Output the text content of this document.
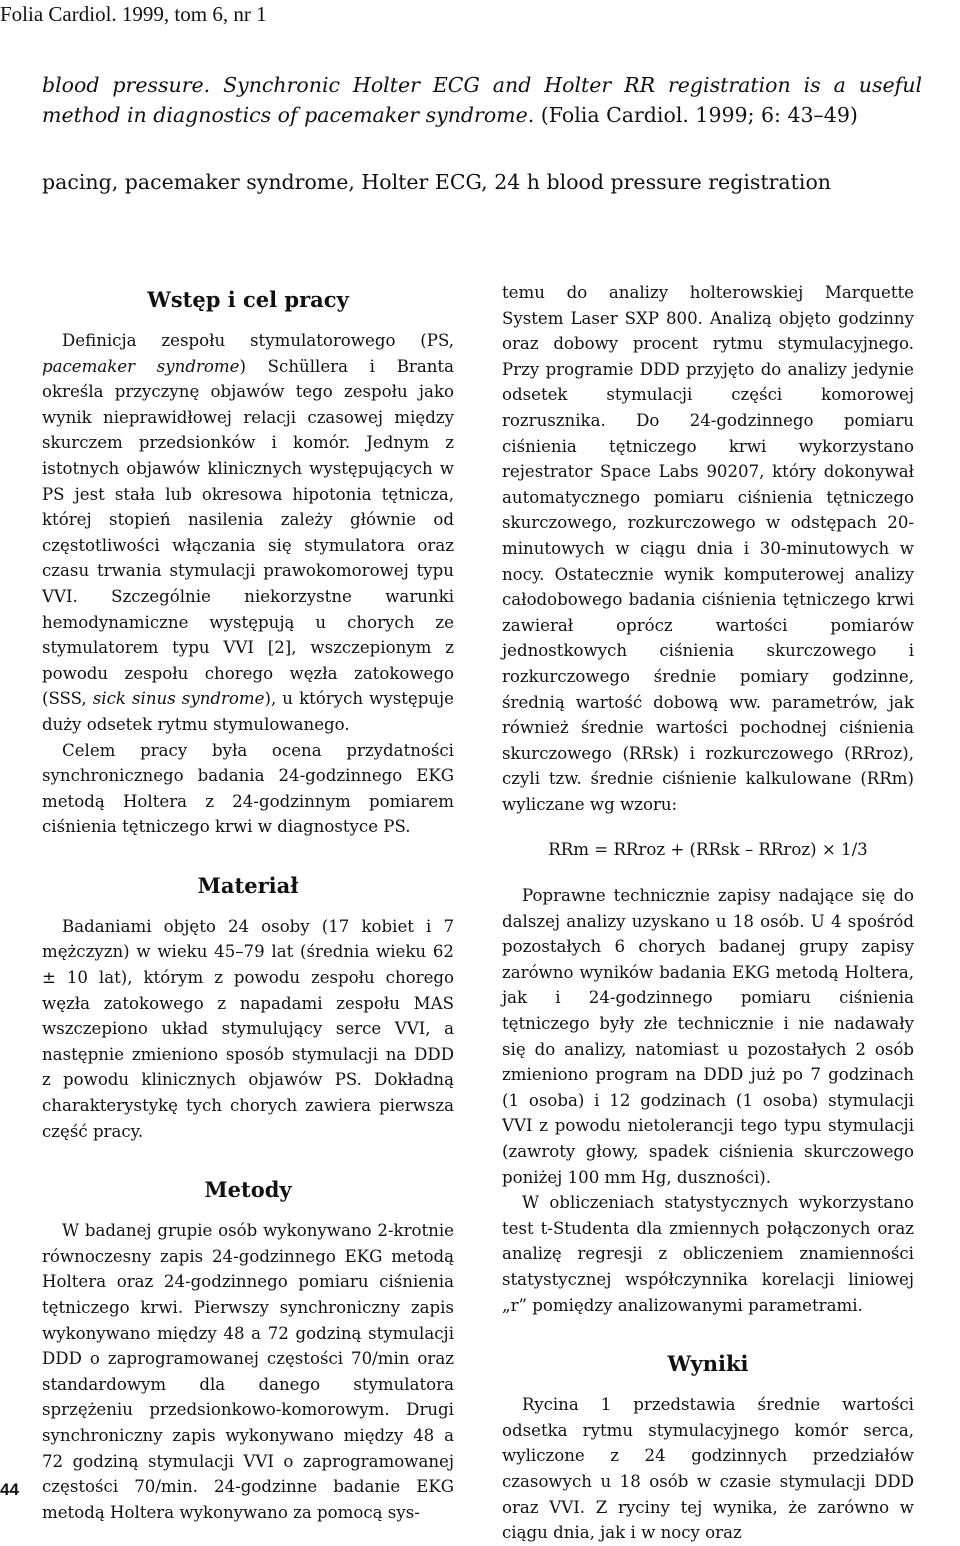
Folia Cardiol. 1999, tom 6, nr 1
blood pressure. Synchronic Holter ECG and Holter RR registration is a useful method in diagnostics of pacemaker syndrome. (Folia Cardiol. 1999; 6: 43–49)
pacing, pacemaker syndrome, Holter ECG, 24 h blood pressure registration
Wstęp i cel pracy

Definicja zespołu stymulatorowego (PS, pacemaker syndrome) Schüllera i Branta określa przyczynę objawów tego zespołu jako wynik nieprawidłowej relacji czasowej między skurczem przedsionków i komór. Jednym z istotnych objawów klinicznych występujących w PS jest stała lub okresowa hipotonia tętnicza, której stopień nasilenia zależy głównie od częstotliwości włączania się stymulatora oraz czasu trwania stymulacji prawokomorowej typu VVI. Szczególnie niekorzystne warunki hemodynamiczne występują u chorych ze stymulatorem typu VVI [2], wszczepionym z powodu zespołu chorego węzła zatokowego (SSS, sick sinus syndrome), u których występuje duży odsetek rytmu stymulowanego.

Celem pracy była ocena przydatności synchronicznego badania 24-godzinnego EKG metodą Holtera z 24-godzinnym pomiarem ciśnienia tętniczego krwi w diagnostyce PS.

Materiał

Badaniami objęto 24 osoby (17 kobiet i 7 mężczyzn) w wieku 45–79 lat (średnia wieku 62 ± 10 lat), którym z powodu zespołu chorego węzła zatokowego z napadami zespołu MAS wszczepiono układ stymulujący serce VVI, a następnie zmieniono sposób stymulacji na DDD z powodu klinicznych objawów PS. Dokładną charakterystykę tych chorych zawiera pierwsza część pracy.

Metody

W badanej grupie osób wykonywano 2-krotnie równoczesny zapis 24-godzinnego EKG metodą Holtera oraz 24-godzinnego pomiaru ciśnienia tętniczego krwi. Pierwszy synchroniczny zapis wykonywano między 48 a 72 godziną stymulacji DDD o zaprogramowanej częstości 70/min oraz standardowym dla danego stymulatora sprzężeniu przedsionkowo-komorowym. Drugi synchroniczny zapis wykonywano między 48 a 72 godziną stymulacji VVI o zaprogramowanej częstości 70/min. 24-godzinne badanie EKG metodą Holtera wykonywano za pomocą sys-

temu do analizy holterowskiej Marquette System Laser SXP 800. Analizą objęto godzinny oraz dobowy procent rytmu stymulacyjnego. Przy programie DDD przyjęto do analizy jedynie odsetek stymulacji części komorowej rozrusznika. Do 24-godzinnego pomiaru ciśnienia tętniczego krwi wykorzystano rejestrator Space Labs 90207, który dokonywał automatycznego pomiaru ciśnienia tętniczego skurczowego, rozkurczowego w odstępach 20-minutowych w ciągu dnia i 30-minutowych w nocy. Ostatecznie wynik komputerowej analizy całodobowego badania ciśnienia tętniczego krwi zawierał oprócz wartości pomiarów jednostkowych ciśnienia skurczowego i rozkurczowego średnie pomiary godzinne, średnią wartość dobową ww. parametrów, jak również średnie wartości pochodnej ciśnienia skurczowego (RRsk) i rozkurczowego (RRroz), czyli tzw. średnie ciśnienie kalkulowane (RRm) wyliczane wg wzoru:

RRm = RRroz + (RRsk – RRroz) × 1/3

Poprawne technicznie zapisy nadające się do dalszej analizy uzyskano u 18 osób. U 4 spośród pozostałych 6 chorych badanej grupy zapisy zarówno wyników badania EKG metodą Holtera, jak i 24-godzinnego pomiaru ciśnienia tętniczego były złe technicznie i nie nadawały się do analizy, natomiast u pozostałych 2 osób zmieniono program na DDD już po 7 godzinach (1 osoba) i 12 godzinach (1 osoba) stymulacji VVI z powodu nietolerancji tego typu stymulacji (zawroty głowy, spadek ciśnienia skurczowego poniżej 100 mm Hg, duszności).

W obliczeniach statystycznych wykorzystano test t-Studenta dla zmiennych połączonych oraz analizę regresji z obliczeniem znamienności statystycznej współczynnika korelacji liniowej „r” pomiędzy analizowanymi parametrami.

Wyniki

Rycina 1 przedstawia średnie wartości odsetka rytmu stymulacyjnego komór serca, wyliczone z 24 godzinnych przedziałów czasowych u 18 osób w czasie stymulacji DDD oraz VVI. Z ryciny tej wynika, że zarówno w ciągu dnia, jak i w nocy oraz

44
